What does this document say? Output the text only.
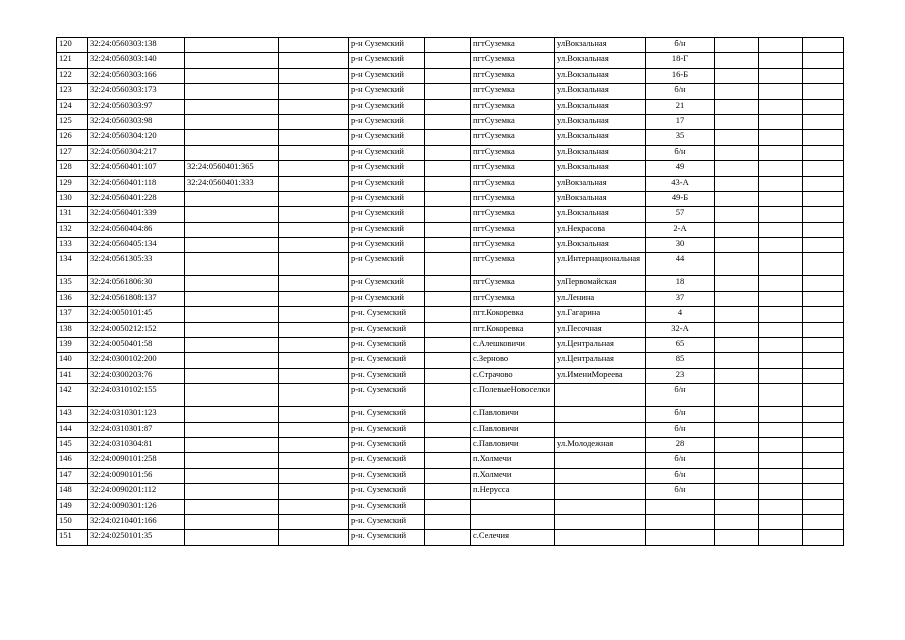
120	32:24:0560303:138			р-н Суземский		пгтСуземка	улВокзальная	б/н			
121	32:24:0560303:140			р-н Суземский		пгтСуземка	ул.Вокзальная	18-Г			
122	32:24:0560303:166			р-н Суземский		пгтСуземка	ул.Вокзальная	16-Б			
123	32:24:0560303:173			р-н Суземский		пгтСуземка	ул.Вокзальная	б/н			
124	32:24:0560303:97			р-н Суземский		пгтСуземка	ул.Вокзальная	21			
125	32:24:0560303:98			р-н Суземский		пгтСуземка	ул.Вокзальная	17			
126	32:24:0560304:120			р-н Суземский		пгтСуземка	ул.Вокзальная	35			
127	32:24:0560304:217			р-н Суземский		пгтСуземка	ул.Вокзальная	б/н			
128	32:24:0560401:107	32:24:0560401:365		р-н Суземский		пгтСуземка	ул.Вокзальная	49			
129	32:24:0560401:118	32:24:0560401:333		р-н Суземский		пгтСуземка	улВокзальная	43-А			
130	32:24:0560401:228			р-н Суземский		пгтСуземка	улВокзальная	49-Б			
131	32:24:0560401:339			р-н Суземский		пгтСуземка	ул.Вокзальная	57			
132	32:24:0560404:86			р-н Суземский		пгтСуземка	ул.Некрасова	2-А			
133	32:24:0560405:134			р-н Суземский		пгтСуземка	ул.Вокзальная	30			
134	32:24:0561305:33			р-н Суземский		пгтСуземка	ул.Интернациональная	44			
135	32:24:0561806:30			р-н Суземский		пгтСуземка	улПервомайская	18			
136	32:24:0561808:137			р-н Суземский		пгтСуземка	ул.Ленина	37			
137	32:24:0050101:45			р-н. Суземский		пгт.Кокоревка	ул.Гагарина	4			
138	32:24:0050212:152			р-н. Суземский		пгт.Кокоревка	ул.Песочная	32-А			
139	32:24:0050401:58			р-н. Суземский		с.Алешковичи	ул.Центральная	65			
140	32:24:0300102:200			р-н. Суземский		с.Зерново	ул.Центральная	85			
141	32:24:0300203:76			р-н. Суземский		с.Страчово	ул.ИмениМореева	23			
142	32:24:0310102:155			р-н. Суземский		с.ПолевыеНовоселки		б/н			
143	32:24:0310301:123			р-н. Суземский		с.Павловичи		б/н			
144	32:24:0310301:87			р-н. Суземский		с.Павловичи		б/н			
145	32:24:0310304:81			р-н. Суземский		с.Павловичи	ул.Молодежная	28			
146	32:24:0090101:258			р-н. Суземский		п.Холмечи		б/н			
147	32:24:0090101:56			р-н. Суземский		п.Холмечи		б/н			
148	32:24:0090201:112			р-н. Суземский		п.Нерусса		б/н			
149	32:24:0090301:126			р-н. Суземский							
150	32:24:0210401:166			р-н. Суземский							
151	32:24:0250101:35			р-н. Суземский		с.Селечия					
